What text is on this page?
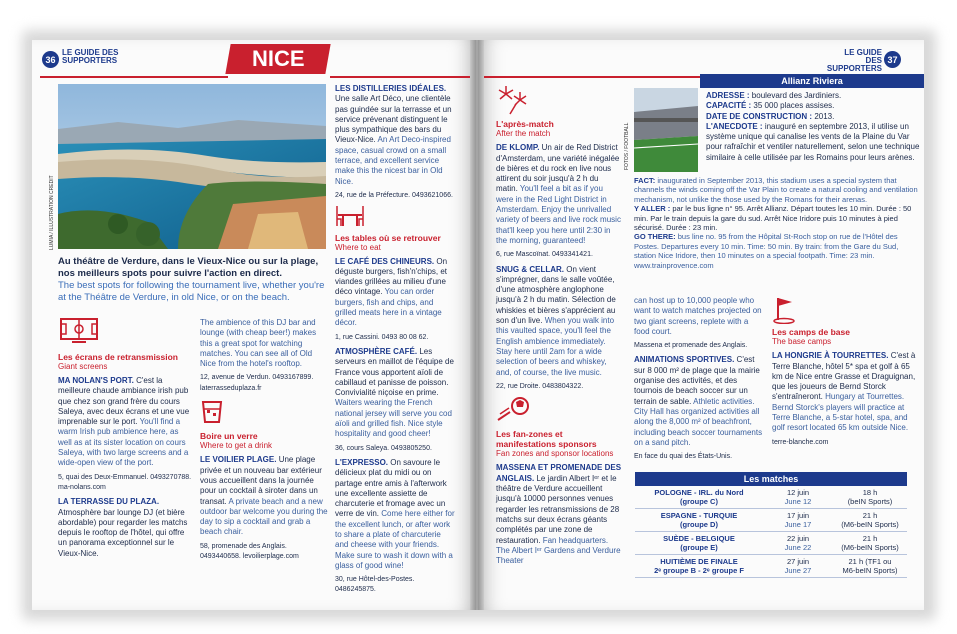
36
LE GUIDE DES SUPPORTERS	NICE	LE GUIDE DES SUPPORTERS
37
LUMIA / ILLUSTRATION CREDIT
Au théâtre de Verdure, dans le Vieux-Nice ou sur la plage, nos meilleurs spots pour suivre l'action en direct.
The best spots for following the tournament live, whether you're at the Théâtre de Verdure, in old Nice, or on the beach.
Les écrans de retransmission
Giant screens

MA NOLAN'S PORT. C'est la meilleure chaude ambiance irish pub que chez son grand frère du cours Saleya, avec deux écrans et une vue imprenable sur le port. You'll find a warm Irish pub ambience here, as well as at its sister location on cours Saleya, with two large screens and a wide-open view of the port.

5, quai des Deux-Emmanuel. 0493270788. ma-nolans.com

LA TERRASSE DU PLAZA. Atmosphère bar lounge DJ (et bière abordable) pour regarder les matchs depuis le rooftop de l'hôtel, qui offre un panorama exceptionnel sur le Vieux-Nice.

The ambience of this DJ bar and lounge (with cheap beer!) makes this a great spot for watching matches. You can see all of Old Nice from the hotel's rooftop.

12, avenue de Verdun. 0493167899. laterrasseduplaza.fr

Boire un verre
Where to get a drink

LE VOILIER PLAGE. Une plage privée et un nouveau bar extérieur vous accueillent dans la journée pour un cocktail à siroter dans un transat. A private beach and a new outdoor bar welcome you during the day to sip a cocktail and grab a beach chair.

58, promenade des Anglais. 0493440658. levoilierplage.com

LES DISTILLERIES IDÉALES. Une salle Art Déco, une clientèle pas guindée sur la terrasse et un service prévenant distinguent le plus sympathique des bars du Vieux-Nice. An Art Deco-inspired space, casual crowd on a small terrace, and excellent service make this the nicest bar in Old Nice.

24, rue de la Préfecture. 0493621066.

Les tables où se retrouver
Where to eat

LE CAFÉ DES CHINEURS. On déguste burgers, fish'n'chips, et viandes grillées au milieu d'une déco vintage. You can order burgers, fish and chips, and grilled meats here in a vintage décor.

1, rue Cassini. 0493 80 08 62.

ATMOSPHÈRE CAFÉ. Les serveurs en maillot de l'équipe de France vous apportent aïoli de cabillaud et panisse de poisson. Convivialité niçoise en prime. Waiters wearing the French national jersey will serve you cod aïoli and grilled fish. Nice style hospitality and good cheer!

36, cours Saleya. 0493805250.

L'EXPRESSO. On savoure le délicieux plat du midi ou on partage entre amis à l'afterwork une excellente assiette de charcuterie et fromage avec un verre de vin. Come here either for the excellent lunch, or after work to share a plate of charcuterie and cheese with your friends. Make sure to wash it down with a glass of good wine!

30, rue Hôtel-des-Postes. 0486245875.

L'après-match
After the match

DE KLOMP. Un air de Red District d'Amsterdam, une variété inégalée de bières et du rock en live nous attirent du soir jusqu'à 2 h du matin. You'll feel a bit as if you were in the Red Light District in Amsterdam. Enjoy the unrivalled variety of beers and live rock music that'll keep you here until 2:30 in the morning, guaranteed!

6, rue Mascoïnat. 0493341421.

SNUG & CELLAR. On vient s'imprégner, dans le salle voûtée, d'une atmosphère anglophone jusqu'à 2 h du matin. Sélection de whiskies et bières s'apprécient au son d'un live. When you walk into this vaulted space, you'll feel the English ambience immediately. Stay here until 2am for a wide selection of beers and whiskey, and, of course, the live music.

22, rue Droite. 0483804322.

Les fan-zones et manifestations sponsors
Fan zones and sponsor locations

MASSENA ET PROMENADE DES ANGLAIS. Le jardin Albert Iᵉʳ et le théâtre de Verdure accueillent jusqu'à 10000 personnes venues regarder les retransmissions de 28 matchs sur deux écrans géants complétés par une zone de restauration. Fan headquarters. The Albert Iᵉʳ Gardens and Verdure Theater

can host up to 10,000 people who want to watch matches projected on two giant screens, replete with a food court.

Massena et promenade des Anglais.

ANIMATIONS SPORTIVES. C'est sur 8 000 m² de plage que la mairie organise des activités, et des tournois de beach soccer sur un terrain de sable. Athletic activities. City Hall has organized activities all along the 8,000 m² of beachfront, including beach soccer tournaments on a sand pitch.

En face du quai des États-Unis.

FOTOS / FOOTBALL
Allianz Riviera
ADRESSE : boulevard des Jardiniers.
CAPACITÉ : 35 000 places assises.
DATE DE CONSTRUCTION : 2013.
L'ANECDOTE : inauguré en septembre 2013, il utilise un système unique qui canalise les vents de la Plaine du Var pour rafraîchir et ventiler naturellement, selon une technique similaire à celle utilisée par les Romains pour leurs arènes.
FACT: inaugurated in September 2013, this stadium uses a special system that channels the winds coming off the Var Plain to create a natural cooling and ventilation mechanism, not unlike the those used by the Romans for their arenas.
Y ALLER : par le bus ligne n° 95. Arrêt Allianz. Départ toutes les 10 min. Durée : 50 min. Par le train depuis la gare du sud. Arrêt Nice Iridore puis 10 minutes à pied sécurisé. Durée : 23 min.
GO THERE: bus line no. 95 from the Hôpital St-Roch stop on rue de l'Hôtel des Postes. Departures every 10 min. Time: 50 min. By train: from the Gare du Sud, station Nice Iridore, then 10 minutes on a special footpath. Time: 23 min.
www.trainprovence.com
Les camps de base
The base camps

LA HONGRIE À TOURRETTES. C'est à Terre Blanche, hôtel 5* spa et golf à 65 km de Nice entre Grasse et Draguignan, que les joueurs de Bernd Storck s'entraîneront. Hungary at Tourrettes. Bernd Storck's players will practice at Terre Blanche, a 5-star hotel, spa, and golf resort located 65 km outside Nice.

terre-blanche.com

Les matches
POLOGNE - IRL. du Nord
(groupe C)
12 juin
June 12
18 h
(beIN Sports)
ESPAGNE - TURQUIE
(groupe D)
17 juin
June 17
21 h
(M6-beIN Sports)
SUÈDE - BELGIQUE
(groupe E)
22 juin
June 22
21 h
(M6-beIN Sports)
HUITIÈME DE FINALE
2ᵉ groupe B - 2ᵉ groupe F
27 juin
June 27
21 h (TF1 ou
M6-beIN Sports)
